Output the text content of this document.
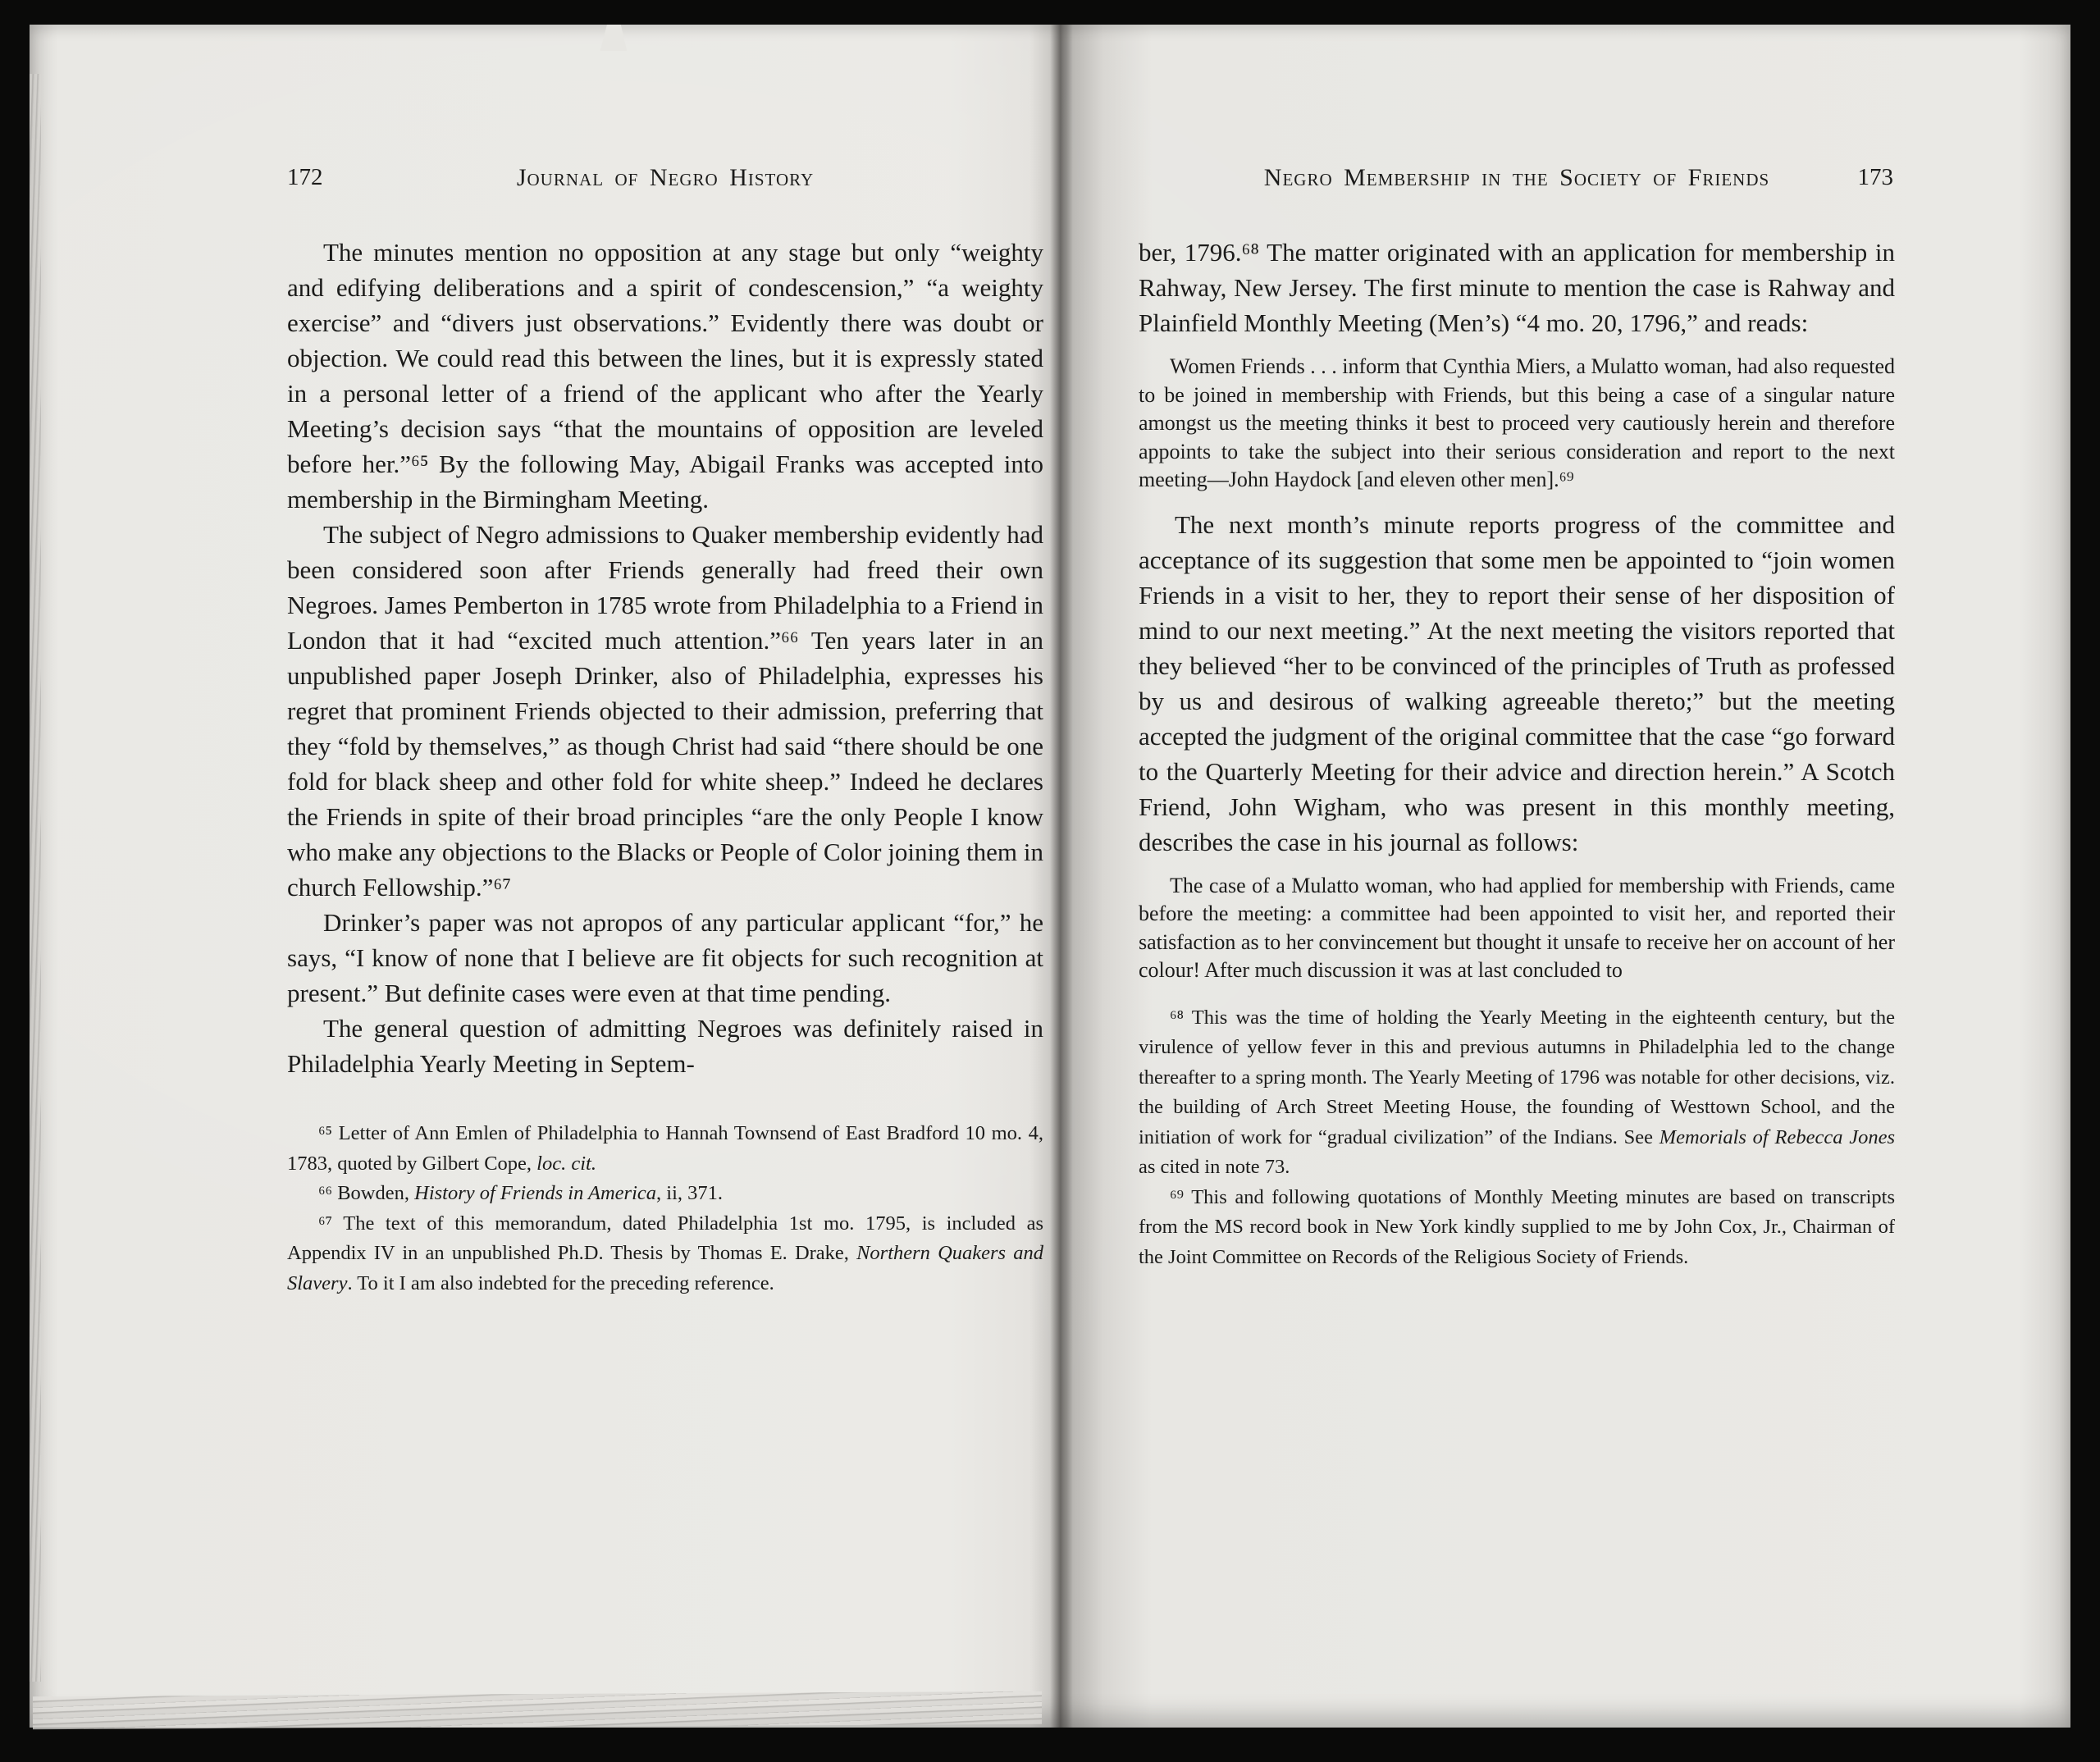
172	Journal of Negro History

The minutes mention no opposition at any stage but only “weighty and edifying deliberations and a spirit of condescension,” “a weighty exercise” and “divers just observations.” Evidently there was doubt or objection. We could read this between the lines, but it is expressly stated in a personal letter of a friend of the applicant who after the Yearly Meeting’s decision says “that the mountains of opposition are leveled before her.”⁶⁵ By the following May, Abigail Franks was accepted into membership in the Birmingham Meeting.

The subject of Negro admissions to Quaker membership evidently had been considered soon after Friends generally had freed their own Negroes. James Pemberton in 1785 wrote from Philadelphia to a Friend in London that it had “excited much attention.”⁶⁶ Ten years later in an unpublished paper Joseph Drinker, also of Philadelphia, expresses his regret that prominent Friends objected to their admission, preferring that they “fold by themselves,” as though Christ had said “there should be one fold for black sheep and other fold for white sheep.” Indeed he declares the Friends in spite of their broad principles “are the only People I know who make any objections to the Blacks or People of Color joining them in church Fellowship.”⁶⁷

Drinker’s paper was not apropos of any particular applicant “for,” he says, “I know of none that I believe are fit objects for such recognition at present.” But definite cases were even at that time pending.

The general question of admitting Negroes was definitely raised in Philadelphia Yearly Meeting in Septem-

⁶⁵ Letter of Ann Emlen of Philadelphia to Hannah Townsend of East Bradford 10 mo. 4, 1783, quoted by Gilbert Cope, loc. cit.

⁶⁶ Bowden, History of Friends in America, ii, 371.

⁶⁷ The text of this memorandum, dated Philadelphia 1st mo. 1795, is included as Appendix IV in an unpublished Ph.D. Thesis by Thomas E. Drake, Northern Quakers and Slavery. To it I am also indebted for the preceding reference.

Negro Membership in the Society of Friends	173

ber, 1796.⁶⁸ The matter originated with an application for membership in Rahway, New Jersey. The first minute to mention the case is Rahway and Plainfield Monthly Meeting (Men’s) “4 mo. 20, 1796,” and reads:

Women Friends . . . inform that Cynthia Miers, a Mulatto woman, had also requested to be joined in membership with Friends, but this being a case of a singular nature amongst us the meeting thinks it best to proceed very cautiously herein and therefore appoints to take the subject into their serious consideration and report to the next meeting—John Haydock [and eleven other men].⁶⁹

The next month’s minute reports progress of the committee and acceptance of its suggestion that some men be appointed to “join women Friends in a visit to her, they to report their sense of her disposition of mind to our next meeting.” At the next meeting the visitors reported that they believed “her to be convinced of the principles of Truth as professed by us and desirous of walking agreeable thereto;” but the meeting accepted the judgment of the original committee that the case “go forward to the Quarterly Meeting for their advice and direction herein.” A Scotch Friend, John Wigham, who was present in this monthly meeting, describes the case in his journal as follows:

The case of a Mulatto woman, who had applied for membership with Friends, came before the meeting: a committee had been appointed to visit her, and reported their satisfaction as to her convincement but thought it unsafe to receive her on account of her colour! After much discussion it was at last concluded to

⁶⁸ This was the time of holding the Yearly Meeting in the eighteenth century, but the virulence of yellow fever in this and previous autumns in Philadelphia led to the change thereafter to a spring month. The Yearly Meeting of 1796 was notable for other decisions, viz. the building of Arch Street Meeting House, the founding of Westtown School, and the initiation of work for “gradual civilization” of the Indians. See Memorials of Rebecca Jones as cited in note 73.

⁶⁹ This and following quotations of Monthly Meeting minutes are based on transcripts from the MS record book in New York kindly supplied to me by John Cox, Jr., Chairman of the Joint Committee on Records of the Religious Society of Friends.
